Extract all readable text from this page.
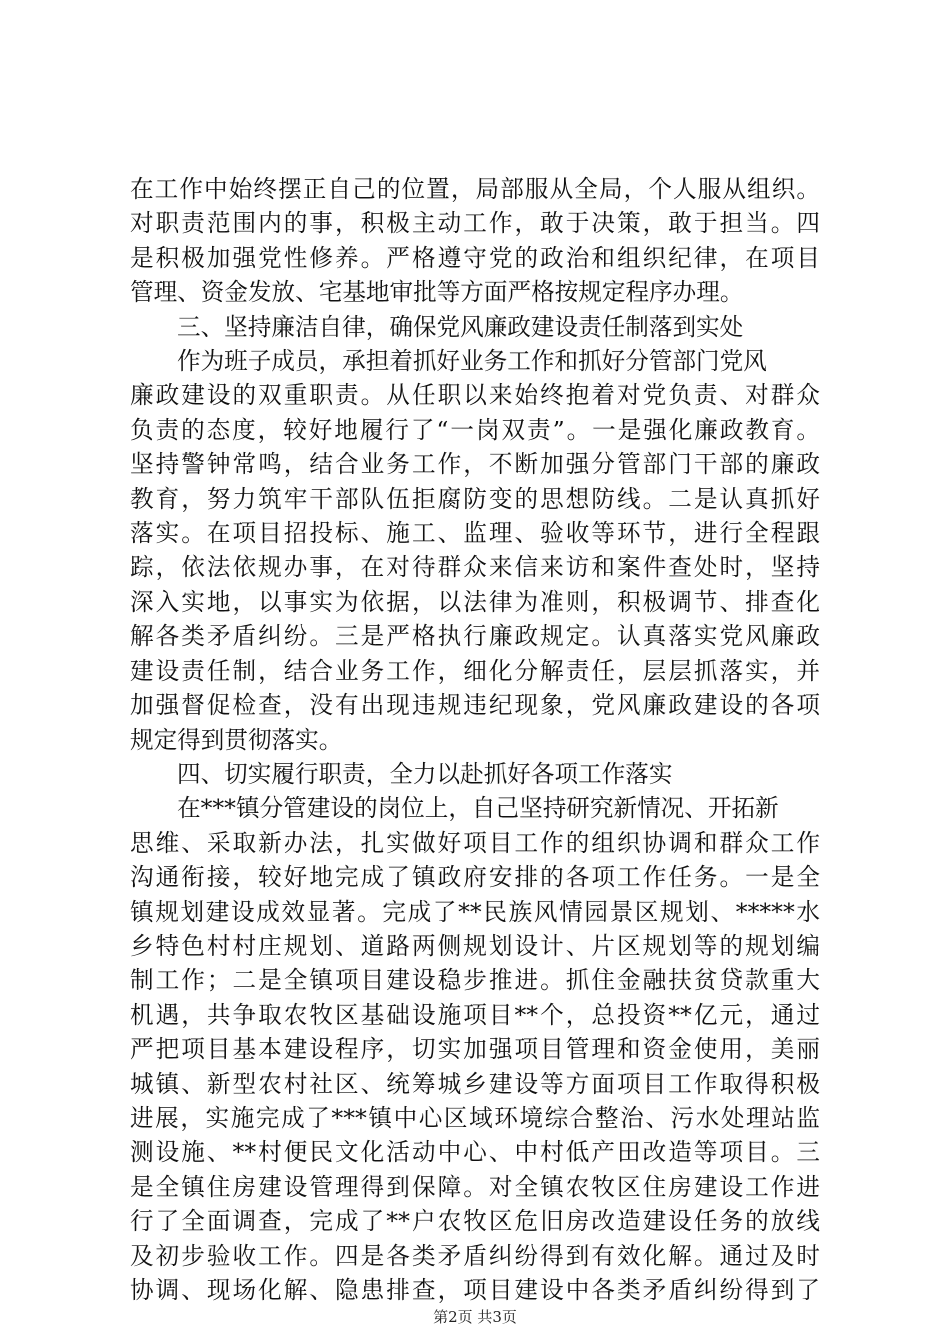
在工作中始终摆正自己的位置，局部服从全局，个人服从组织。
对职责范围内的事，积极主动工作，敢于决策，敢于担当。四
是积极加强党性修养。严格遵守党的政治和组织纪律，在项目
管理、资金发放、宅基地审批等方面严格按规定程序办理。
三、坚持廉洁自律，确保党风廉政建设责任制落到实处
作为班子成员，承担着抓好业务工作和抓好分管部门党风
廉政建设的双重职责。从任职以来始终抱着对党负责、对群众
负责的态度，较好地履行了“一岗双责”。一是强化廉政教育。
坚持警钟常鸣，结合业务工作，不断加强分管部门干部的廉政
教育，努力筑牢干部队伍拒腐防变的思想防线。二是认真抓好
落实。在项目招投标、施工、监理、验收等环节，进行全程跟
踪，依法依规办事，在对待群众来信来访和案件查处时，坚持
深入实地，以事实为依据，以法律为准则，积极调节、排查化
解各类矛盾纠纷。三是严格执行廉政规定。认真落实党风廉政
建设责任制，结合业务工作，细化分解责任，层层抓落实，并
加强督促检查，没有出现违规违纪现象，党风廉政建设的各项
规定得到贯彻落实。
四、切实履行职责，全力以赴抓好各项工作落实
在***镇分管建设的岗位上，自己坚持研究新情况、开拓新
思维、采取新办法，扎实做好项目工作的组织协调和群众工作
沟通衔接，较好地完成了镇政府安排的各项工作任务。一是全
镇规划建设成效显著。完成了**民族风情园景区规划、*****水
乡特色村村庄规划、道路两侧规划设计、片区规划等的规划编
制工作；二是全镇项目建设稳步推进。抓住金融扶贫贷款重大
机遇，共争取农牧区基础设施项目**个，总投资**亿元，通过
严把项目基本建设程序，切实加强项目管理和资金使用，美丽
城镇、新型农村社区、统筹城乡建设等方面项目工作取得积极
进展，实施完成了***镇中心区域环境综合整治、污水处理站监
测设施、**村便民文化活动中心、中村低产田改造等项目。三
是全镇住房建设管理得到保障。对全镇农牧区住房建设工作进
行了全面调查，完成了**户农牧区危旧房改造建设任务的放线
及初步验收工作。四是各类矛盾纠纷得到有效化解。通过及时
协调、现场化解、隐患排查，项目建设中各类矛盾纠纷得到了
第2页 共3页
